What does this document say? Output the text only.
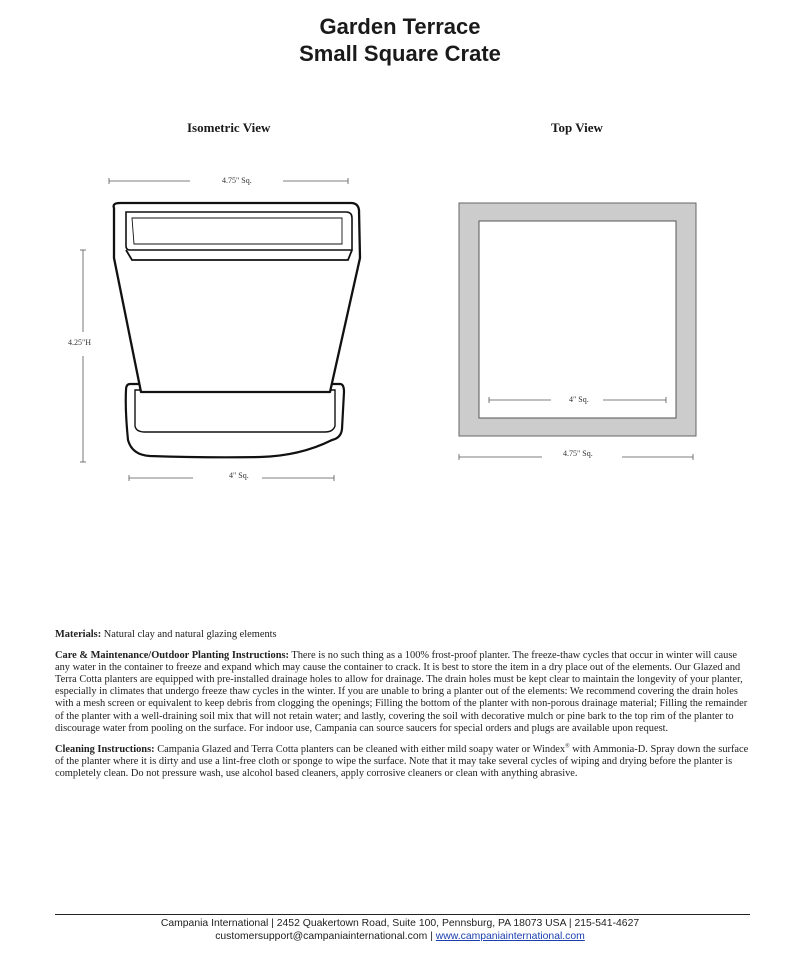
Garden Terrace
Small Square Crate
Isometric View	Top View
4.75" Sq.
4.25"H
4" Sq.
4" Sq.
4.75" Sq.

Materials: Natural clay and natural glazing elements

Care & Maintenance/Outdoor Planting Instructions: There is no such thing as a 100% frost-proof planter. The freeze-thaw cycles that occur in winter will cause any water in the container to freeze and expand which may cause the container to crack. It is best to store the item in a dry place out of the elements. Our Glazed and Terra Cotta planters are equipped with pre-installed drainage holes to allow for drainage. The drain holes must be kept clear to maintain the longevity of your planter, especially in climates that undergo freeze thaw cycles in the winter. If you are unable to bring a planter out of the elements: We recommend covering the drain holes with a mesh screen or equivalent to keep debris from clogging the openings; Filling the bottom of the planter with non-porous drainage material; Filling the remainder of the planter with a well-draining soil mix that will not retain water; and lastly, covering the soil with decorative mulch or pine bark to the top rim of the planter to discourage water from pooling on the surface. For indoor use, Campania can source saucers for special orders and plugs are available upon request.

Cleaning Instructions: Campania Glazed and Terra Cotta planters can be cleaned with either mild soapy water or Windex® with Ammonia-D. Spray down the surface of the planter where it is dirty and use a lint-free cloth or sponge to wipe the surface. Note that it may take several cycles of wiping and drying before the planter is completely clean. Do not pressure wash, use alcohol based cleaners, apply corrosive cleaners or clean with anything abrasive.

Campania International | 2452 Quakertown Road, Suite 100, Pennsburg, PA 18073 USA | 215-541-4627
customersupport@campaniainternational.com | www.campaniainternational.com
